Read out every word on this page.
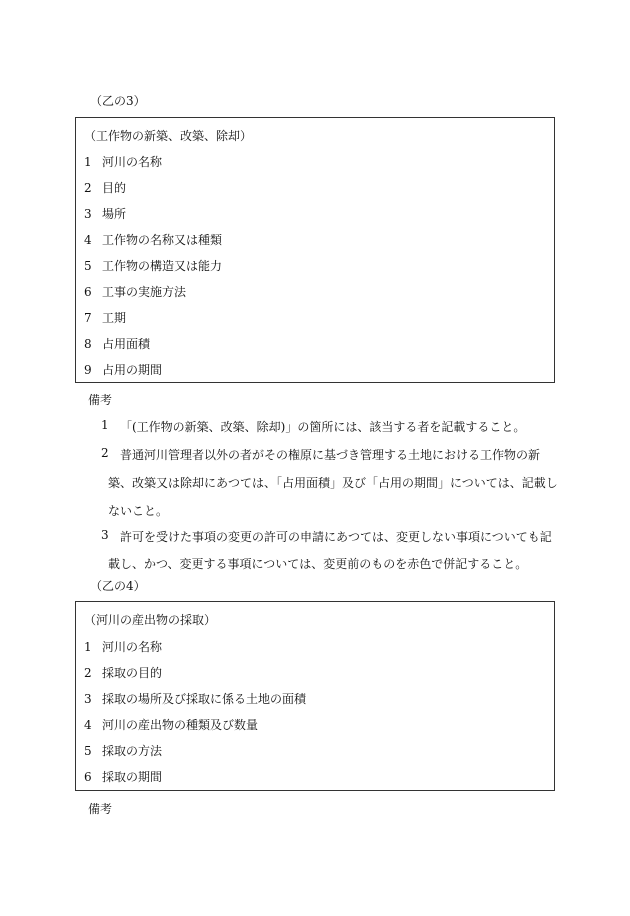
（乙の3）
（工作物の新築、改築、除却）
1 河川の名称
2 目的
3 場所
4 工作物の名称又は種類
5 工作物の構造又は能力
6 工事の実施方法
7 工期
8 占用面積
9 占用の期間
備考
1 「(工作物の新築、改築、除却)」の箇所には、該当する者を記載すること。
2 普通河川管理者以外の者がその権原に基づき管理する土地における工作物の新
築、改築又は除却にあつては、「占用面積」及び「占用の期間」については、記載し
ないこと。
3 許可を受けた事項の変更の許可の申請にあつては、変更しない事項についても記
載し、かつ、変更する事項については、変更前のものを赤色で併記すること。
（乙の4）
（河川の産出物の採取）
1 河川の名称
2 採取の目的
3 採取の場所及び採取に係る土地の面積
4 河川の産出物の種類及び数量
5 採取の方法
6 採取の期間
備考
